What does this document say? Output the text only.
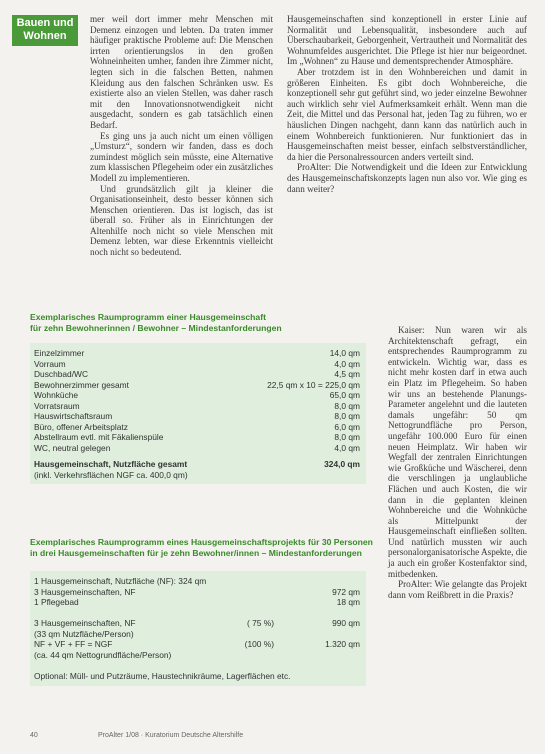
Bauen und Wohnen

mer weil dort immer mehr Menschen mit Demenz einzogen und lebten. Da traten immer häufiger praktische Probleme auf: Die Menschen irrten orientierungslos in den großen Wohneinheiten umher, fanden ihre Zimmer nicht, legten sich in die falschen Betten, nahmen Kleidung aus den falschen Schränken usw. Es existierte also an vielen Stellen, was daher rasch mit den Innovationsnotwendigkeit nicht ausgedacht, sondern es gab tatsächlich einen Bedarf.

Es ging uns ja auch nicht um einen völligen „Umsturz“, sondern wir fanden, dass es doch zumindest möglich sein müsste, eine Alternative zum klassischen Pflegeheim oder ein zusätzliches Modell zu implementieren.

Und grundsätzlich gilt ja kleiner die Organisationseinheit, desto besser können sich Menschen orientieren. Das ist logisch, das ist überall so. Früher als in Einrichtungen der Altenhilfe noch nicht so viele Menschen mit Demenz lebten, war diese Erkenntnis vielleicht noch nicht so bedeutend.

Hausgemeinschaften sind konzeptionell in erster Linie auf Normalität und Lebensqualität, insbesondere auch auf Überschaubarkeit, Geborgenheit, Vertrautheit und Normalität des Wohnumfeldes ausgerichtet. Die Pflege ist hier nur beigeordnet. Im „Wohnen“ zu Hause und dementsprechender Atmosphäre.

Aber trotzdem ist in den Wohnbereichen und damit in größeren Einheiten. Es gibt doch Wohnbereiche, die konzeptionell sehr gut geführt sind, wo jeder einzelne Bewohner auch wirklich sehr viel Aufmerksamkeit erhält. Wenn man die Zeit, die Mittel und das Personal hat, jeden Tag zu führen, wo er häuslichen Dingen nachgeht, dann kann das natürlich auch in einem Wohnbereich funktionieren. Nur funktioniert das in Hausgemeinschaften meist besser, einfach selbstverständlicher, da hier die Personalressourcen anders verteilt sind.

ProAlter: Die Notwendigkeit und die Ideen zur Entwicklung des Hausgemeinschaftskonzepts lagen nun also vor. Wie ging es dann weiter?

Kaiser: Nun waren wir als Architektenschaft gefragt, ein entsprechendes Raumprogramm zu entwickeln. Wichtig war, dass es nicht mehr kosten darf in etwa auch ein Platz im Pflegeheim. So haben wir uns an bestehende Planungs-Parameter angelehnt und die lauteten damals ungefähr: 50 qm Nettogrundfläche pro Person, ungefähr 100.000 Euro für einen neuen Heimplatz. Wir haben wir Wegfall der zentralen Einrichtungen wie Großküche und Wäscherei, denn die verschlingen ja unglaubliche Flächen und auch Kosten, die wir dann in die geplanten kleinen Wohnbereiche und die Wohnküche als Mittelpunkt der Hausgemeinschaft einfließen sollten. Und natürlich mussten wir auch personalorganisatorische Aspekte, die ja auch ein großer Kostenfaktor sind, mitbedenken.

ProAlter: Wie gelangte das Projekt dann vom Reißbrett in die Praxis?

Exemplarisches Raumprogramm einer Hausgemeinschaft
für zehn Bewohnerinnen / Bewohner – Mindestanforderungen
Einzelzimmer	14,0 qm
Vorraum	4,0 qm
Duschbad/WC	4,5 qm
Bewohnerzimmer gesamt	22,5 qm x 10 = 225,0 qm
Wohnküche	65,0 qm
Vorratsraum	8,0 qm
Hauswirtschaftsraum	8,0 qm
Büro, offener Arbeitsplatz	6,0 qm
Abstellraum evtl. mit Fäkalienspüle	8,0 qm
WC, neutral gelegen	4,0 qm
Hausgemeinschaft, Nutzfläche gesamt	324,0 qm
(inkl. Verkehrsflächen NGF ca. 400,0 qm)
Exemplarisches Raumprogramm eines Hausgemeinschaftsprojekts für 30 Personen
in drei Hausgemeinschaften für je zehn Bewohner/innen – Mindestanforderungen
1 Hausgemeinschaft, Nutzfläche (NF): 324 qm
3 Hausgemeinschaften, NF	972 qm
1 Pflegebad	18 qm
3 Hausgemeinschaften, NF	( 75 %)	990 qm
(33 qm Nutzfläche/Person)
NF + VF + FF = NGF	(100 %)	1.320 qm
(ca. 44 qm Nettogrundfläche/Person)
Optional: Müll- und Putzräume, Haustechnikräume, Lagerflächen etc.
40	ProAlter 1/08 · Kuratorium Deutsche Altershilfe
